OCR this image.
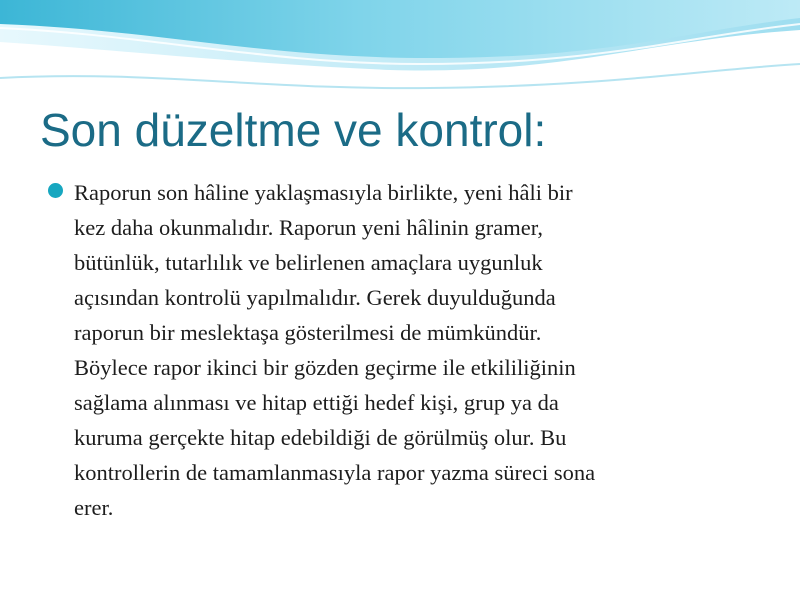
Son düzeltme ve kontrol:

Raporun son hâline yaklaşmasıyla birlikte, yeni hâli bir
kez daha okunmalıdır. Raporun yeni hâlinin gramer,
bütünlük, tutarlılık ve belirlenen amaçlara uygunluk
açısından kontrolü yapılmalıdır. Gerek duyulduğunda
raporun bir meslektaşa gösterilmesi de mümkündür.
Böylece rapor ikinci bir gözden geçirme ile etkililiğinin
sağlama alınması ve hitap ettiği hedef kişi, grup ya da
kuruma gerçekte hitap edebildiği de görülmüş olur. Bu
kontrollerin de tamamlanmasıyla rapor yazma süreci sona
erer.
